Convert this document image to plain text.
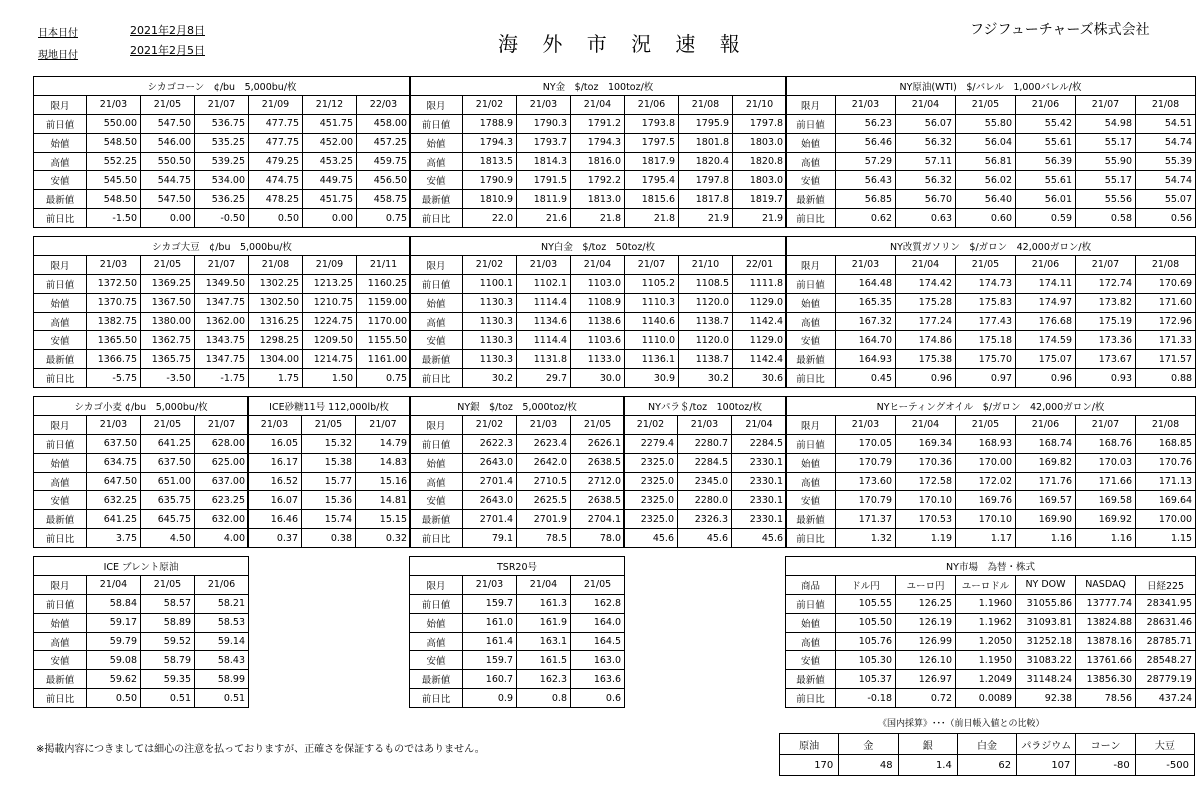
日本日付	2021年2月8日
現地日付	2021年2月5日	海 外 市 況 速 報
フジフューチャーズ株式会社
シカゴコーン　¢/bu　5,000bu/枚						
限月	21/03	21/05	21/07	21/09	21/12	22/03
前日値	550.00	547.50	536.75	477.75	451.75	458.00
始値	548.50	546.00	535.25	477.75	452.00	457.25
高値	552.25	550.50	539.25	479.25	453.25	459.75
安値	545.50	544.75	534.00	474.75	449.75	456.50
最新値	548.50	547.50	536.25	478.25	451.75	458.75
前日比	-1.50	0.00	-0.50	0.50	0.00	0.75
NY金　$/toz　100toz/枚						
限月	21/02	21/03	21/04	21/06	21/08	21/10
前日値	1788.9	1790.3	1791.2	1793.8	1795.9	1797.8
始値	1794.3	1793.7	1794.3	1797.5	1801.8	1803.0
高値	1813.5	1814.3	1816.0	1817.9	1820.4	1820.8
安値	1790.9	1791.5	1792.2	1795.4	1797.8	1803.0
最新値	1810.9	1811.9	1813.0	1815.6	1817.8	1819.7
前日比	22.0	21.6	21.8	21.8	21.9	21.9
NY原油(WTI)　$/バレル　1,000バレル/枚						
限月	21/03	21/04	21/05	21/06	21/07	21/08
前日値	56.23	56.07	55.80	55.42	54.98	54.51
始値	56.46	56.32	56.04	55.61	55.17	54.74
高値	57.29	57.11	56.81	56.39	55.90	55.39
安値	56.43	56.32	56.02	55.61	55.17	54.74
最新値	56.85	56.70	56.40	56.01	55.56	55.07
前日比	0.62	0.63	0.60	0.59	0.58	0.56
シカゴ大豆　¢/bu　5,000bu/枚						
限月	21/03	21/05	21/07	21/08	21/09	21/11
前日値	1372.50	1369.25	1349.50	1302.25	1213.25	1160.25
始値	1370.75	1367.50	1347.75	1302.50	1210.75	1159.00
高値	1382.75	1380.00	1362.00	1316.25	1224.75	1170.00
安値	1365.50	1362.75	1343.75	1298.25	1209.50	1155.50
最新値	1366.75	1365.75	1347.75	1304.00	1214.75	1161.00
前日比	-5.75	-3.50	-1.75	1.75	1.50	0.75
NY白金　$/toz　50toz/枚						
限月	21/02	21/03	21/04	21/07	21/10	22/01
前日値	1100.1	1102.1	1103.0	1105.2	1108.5	1111.8
始値	1130.3	1114.4	1108.9	1110.3	1120.0	1129.0
高値	1130.3	1134.6	1138.6	1140.6	1138.7	1142.4
安値	1130.3	1114.4	1103.6	1110.0	1120.0	1129.0
最新値	1130.3	1131.8	1133.0	1136.1	1138.7	1142.4
前日比	30.2	29.7	30.0	30.9	30.2	30.6
NY改質ガソリン　$/ガロン　42,000ガロン/枚						
限月	21/03	21/04	21/05	21/06	21/07	21/08
前日値	164.48	174.42	174.73	174.11	172.74	170.69
始値	165.35	175.28	175.83	174.97	173.82	171.60
高値	167.32	177.24	177.43	176.68	175.19	172.96
安値	164.70	174.86	175.18	174.59	173.36	171.33
最新値	164.93	175.38	175.70	175.07	173.67	171.57
前日比	0.45	0.96	0.97	0.96	0.93	0.88
シカゴ小麦 ¢/bu　5,000bu/枚			
限月	21/03	21/05	21/07
前日値	637.50	641.25	628.00
始値	634.75	637.50	625.00
高値	647.50	651.00	637.00
安値	632.25	635.75	623.25
最新値	641.25	645.75	632.00
前日比	3.75	4.50	4.00
ICE砂糖11号 112,000lb/枚		
21/03	21/05	21/07
16.05	15.32	14.79
16.17	15.38	14.83
16.52	15.77	15.16
16.07	15.36	14.81
16.46	15.74	15.15
0.37	0.38	0.32
NY銀　$/toz　5,000toz/枚			
限月	21/02	21/03	21/05
前日値	2622.3	2623.4	2626.1
始値	2643.0	2642.0	2638.5
高値	2701.4	2710.5	2712.0
安値	2643.0	2625.5	2638.5
最新値	2701.4	2701.9	2704.1
前日比	79.1	78.5	78.0
NYパラ＄/toz　100toz/枚		
21/02	21/03	21/04
2279.4	2280.7	2284.5
2325.0	2284.5	2330.1
2325.0	2345.0	2330.1
2325.0	2280.0	2330.1
2325.0	2326.3	2330.1
45.6	45.6	45.6
NYヒーティングオイル　$/ガロン　42,000ガロン/枚						
限月	21/03	21/04	21/05	21/06	21/07	21/08
前日値	170.05	169.34	168.93	168.74	168.76	168.85
始値	170.79	170.36	170.00	169.82	170.03	170.76
高値	173.60	172.58	172.02	171.76	171.66	171.13
安値	170.79	170.10	169.76	169.57	169.58	169.64
最新値	171.37	170.53	170.10	169.90	169.92	170.00
前日比	1.32	1.19	1.17	1.16	1.16	1.15
ICE ブレント原油			
限月	21/04	21/05	21/06
前日値	58.84	58.57	58.21
始値	59.17	58.89	58.53
高値	59.79	59.52	59.14
安値	59.08	58.79	58.43
最新値	59.62	59.35	58.99
前日比	0.50	0.51	0.51
TSR20号			
限月	21/03	21/04	21/05
前日値	159.7	161.3	162.8
始値	161.0	161.9	164.0
高値	161.4	163.1	164.5
安値	159.7	161.5	163.0
最新値	160.7	162.3	163.6
前日比	0.9	0.8	0.6
NY市場　為替・株式						
商品	ドル円	ユーロ円	ユーロドル	NY DOW	NASDAQ	日経225
前日値	105.55	126.25	1.1960	31055.86	13777.74	28341.95
始値	105.50	126.19	1.1962	31093.81	13824.88	28631.46
高値	105.76	126.99	1.2050	31252.18	13878.16	28785.71
安値	105.30	126.10	1.1950	31083.22	13761.66	28548.27
最新値	105.37	126.97	1.2049	31148.24	13856.30	28779.19
前日比	-0.18	0.72	0.0089	92.38	78.56	437.24
※掲載内容につきましては細心の注意を払っておりますが、正確さを保証するものではありません。
《国内採算》･･･（前日帳入値との比較）
原油	金	銀	白金	パラジウム	コーン	大豆
170	48	1.4	62	107	-80	-500
